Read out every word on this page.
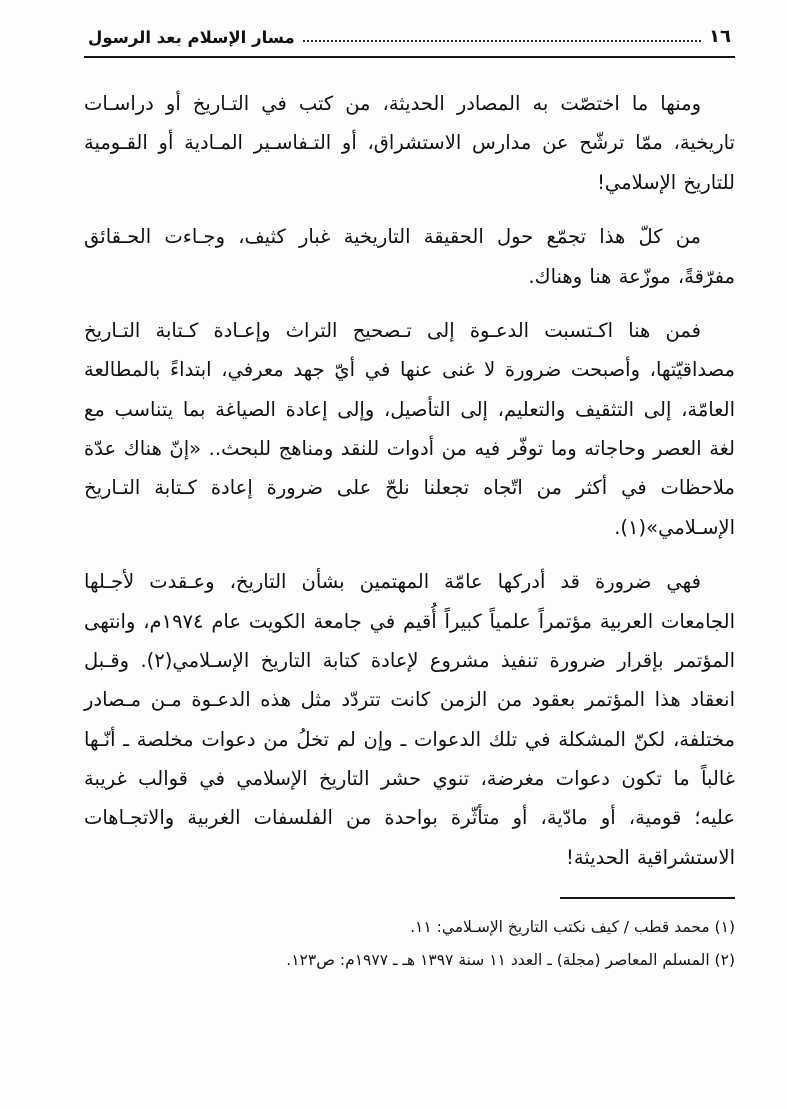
١٦
مسار الإسلام بعد الرسول

ومنها ما اختصّت به المصادر الحديثة، من كتب في التـاريخ أو دراسـات تاريخية، ممّا ترشّح عن مدارس الاستشراق، أو التـفاسـير المـادية أو القـومية للتاريخ الإسلامي!

من كلّ هذا تجمّع حول الحقيقة التاريخية غبار كثيف، وجـاءت الحـقائق مفرّقةً، موزّعة هنا وهناك.

فمن هنا اكـتسبت الدعـوة إلى تـصحيح التراث وإعـادة كـتابة التـاريخ مصداقيّتها، وأصبحت ضرورة لا غنى عنها في أيّ جهد معرفي، ابتداءً بالمطالعة العامّة، إلى التثقيف والتعليم، إلى التأصيل، وإلى إعادة الصياغة بما يتناسب مع لغة العصر وحاجاته وما توفّر فيه من أدوات للنقد ومناهج للبحث.. «إنّ هناك عدّة ملاحظات في أكثر من اتّجاه تجعلنا نلحّ على ضرورة إعادة كـتابة التـاريخ الإسـلامي»(١).

فهي ضرورة قد أدركها عامّة المهتمين بشأن التاريخ، وعـقدت لأجـلها الجامعات العربية مؤتمراً علمياً كبيراً أُقيم في جامعة الكويت عام ١٩٧٤م، وانتهى المؤتمر بإقرار ضرورة تنفيذ مشروع لإعادة كتابة التاريخ الإسـلامي(٢). وقـبل انعقاد هذا المؤتمر بعقود من الزمن كانت تتردّد مثل هذه الدعـوة مـن مـصادر مختلفة، لكنّ المشكلة في تلك الدعوات ـ وإن لم تخلُ من دعوات مخلصة ـ أنّـها غالباً ما تكون دعوات مغرضة، تنوي حشر التاريخ الإسلامي في قوالب غريبة عليه؛ قومية، أو مادّية، أو متأثّرة بواحدة من الفلسفات الغربية والاتجـاهات الاستشراقية الحديثة!

(١) محمد قطب / كيف نكتب التاريخ الإسـلامي: ١١.

(٢) المسلم المعاصر (مجلة) ـ العدد ١١ سنة ١٣٩٧ هـ ـ ١٩٧٧م: ص١٢٣.
